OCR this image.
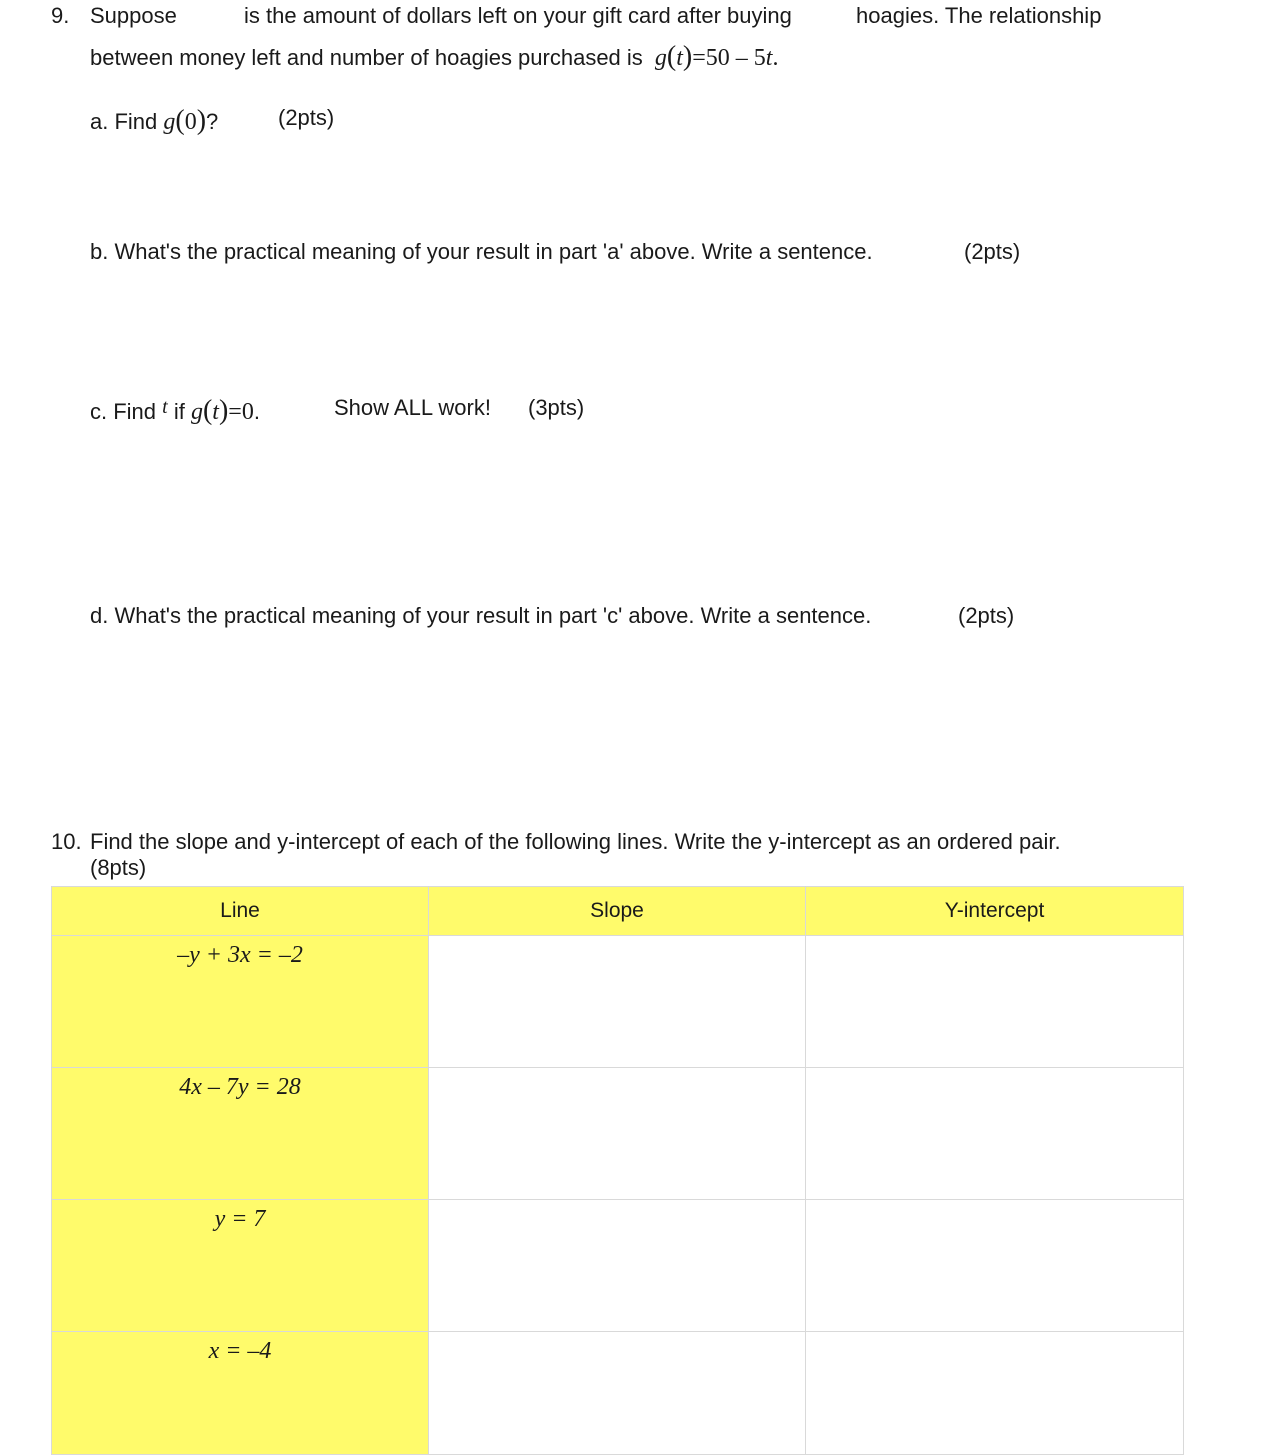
9. Suppose	is the amount of dollars left on your gift card after buying	hoagies. The relationship
between money left and number of hoagies purchased is g(t)=50 – 5t.
a. Find g(0)?	(2pts)
b. What's the practical meaning of your result in part 'a' above. Write a sentence.	(2pts)
c. Find $^t$ if g(t)=0.	Show ALL work! (3pts)
d. What's the practical meaning of your result in part 'c' above. Write a sentence.	(2pts)
10. Find the slope and y-intercept of each of the following lines. Write the y-intercept as an ordered pair.
(8pts)
Line	Slope	Y-intercept
–y + 3x = –2		
4x – 7y = 28		
y = 7		
x = –4		
